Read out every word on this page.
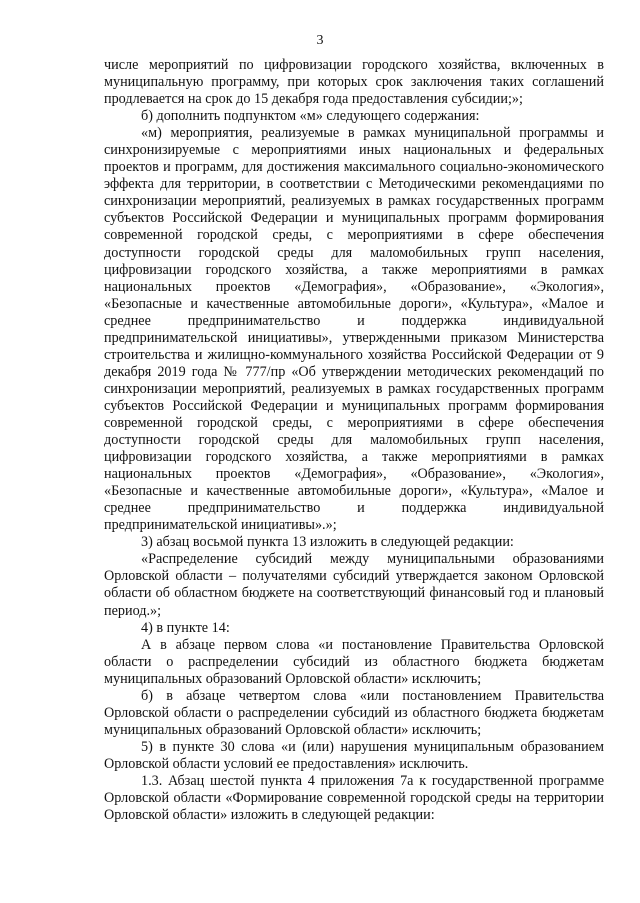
3

числе мероприятий по цифровизации городского хозяйства, включенных в муниципальную программу, при которых срок заключения таких соглашений продлевается на срок до 15 декабря года предоставления субсидии;»;

б) дополнить подпунктом «м» следующего содержания:

«м) мероприятия, реализуемые в рамках муниципальной программы и синхронизируемые с мероприятиями иных национальных и федеральных проектов и программ, для достижения максимального социально-экономического эффекта для территории, в соответствии с Методическими рекомендациями по синхронизации мероприятий, реализуемых в рамках государственных программ субъектов Российской Федерации и муниципальных программ формирования современной городской среды, с мероприятиями в сфере обеспечения доступности городской среды для маломобильных групп населения, цифровизации городского хозяйства, а также мероприятиями в рамках национальных проектов «Демография», «Образование», «Экология», «Безопасные и качественные автомобильные дороги», «Культура», «Малое и среднее предпринимательство и поддержка индивидуальной предпринимательской инициативы», утвержденными приказом Министерства строительства и жилищно-коммунального хозяйства Российской Федерации от 9 декабря 2019 года № 777/пр «Об утверждении методических рекомендаций по синхронизации мероприятий, реализуемых в рамках государственных программ субъектов Российской Федерации и муниципальных программ формирования современной городской среды, с мероприятиями в сфере обеспечения доступности городской среды для маломобильных групп населения, цифровизации городского хозяйства, а также мероприятиями в рамках национальных проектов «Демография», «Образование», «Экология», «Безопасные и качественные автомобильные дороги», «Культура», «Малое и среднее предпринимательство и поддержка индивидуальной предпринимательской инициативы».»;

3) абзац восьмой пункта 13 изложить в следующей редакции:

«Распределение субсидий между муниципальными образованиями Орловской области – получателями субсидий утверждается законом Орловской области об областном бюджете на соответствующий финансовый год и плановый период.»;

4) в пункте 14:

А в абзаце первом слова «и постановление Правительства Орловской области о распределении субсидий из областного бюджета бюджетам муниципальных образований Орловской области» исключить;

б) в абзаце четвертом слова «или постановлением Правительства Орловской области о распределении субсидий из областного бюджета бюджетам муниципальных образований Орловской области» исключить;

5) в пункте 30 слова «и (или) нарушения муниципальным образованием Орловской области условий ее предоставления» исключить.

1.3. Абзац шестой пункта 4 приложения 7а к государственной программе Орловской области «Формирование современной городской среды на территории Орловской области» изложить в следующей редакции:
